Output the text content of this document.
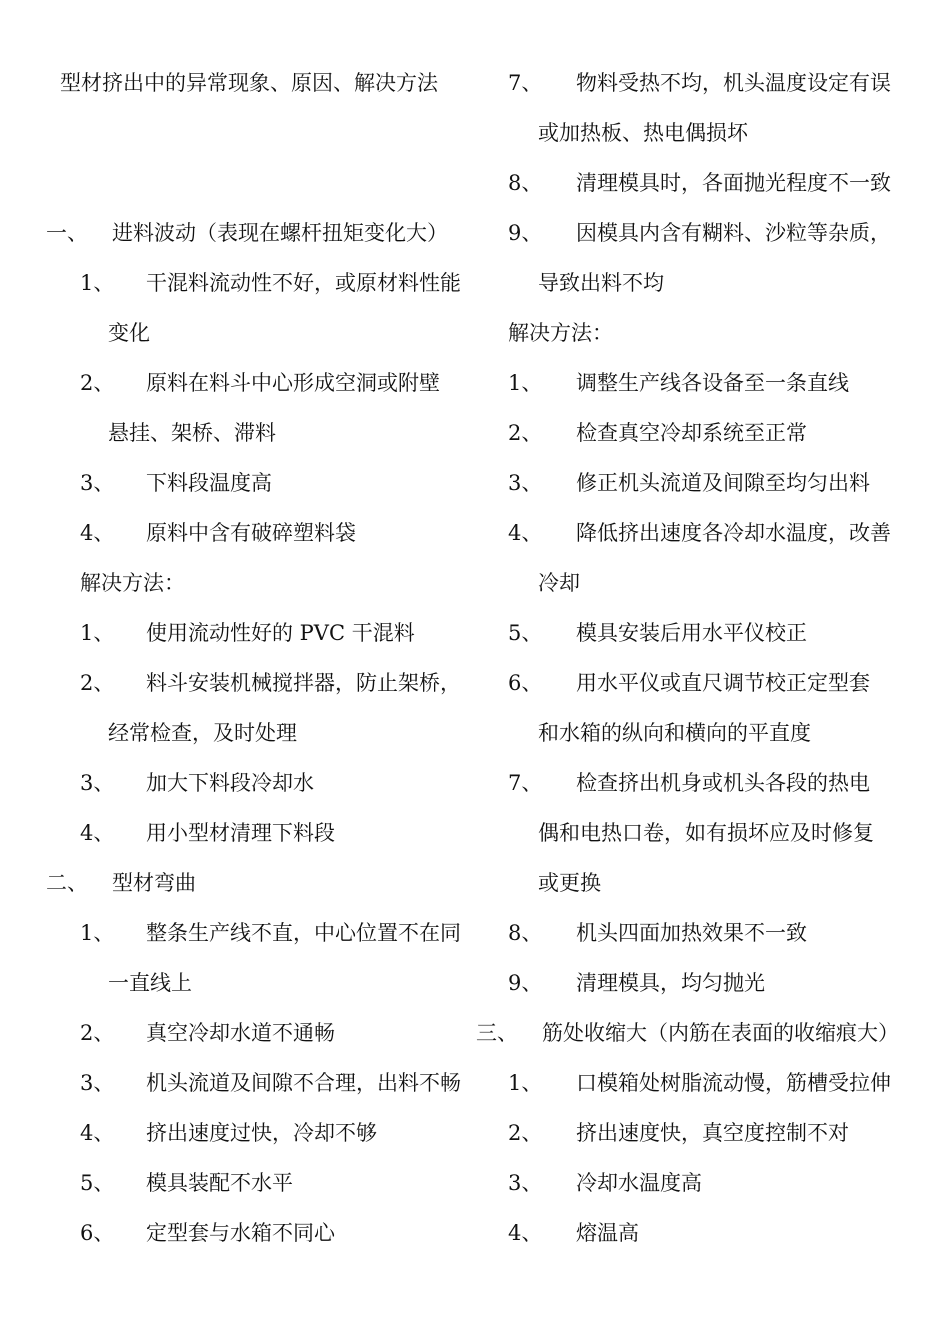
型材挤出中的异常现象、原因、解决方法
一、 进料波动（表现在螺杆扭矩变化大）
1、 干混料流动性不好，或原材料性能
变化
2、 原料在料斗中心形成空洞或附壁
悬挂、架桥、滞料
3、 下料段温度高
4、 原料中含有破碎塑料袋
解决方法：
1、 使用流动性好的 PVC 干混料
2、 料斗安装机械搅拌器，防止架桥，
经常检查，及时处理
3、 加大下料段冷却水
4、 用小型材清理下料段
二、 型材弯曲
1、 整条生产线不直，中心位置不在同
一直线上
2、 真空冷却水道不通畅
3、 机头流道及间隙不合理，出料不畅
4、 挤出速度过快，冷却不够
5、 模具装配不水平
6、 定型套与水箱不同心
7、 物料受热不均，机头温度设定有误
或加热板、热电偶损坏
8、 清理模具时，各面抛光程度不一致
9、 因模具内含有糊料、沙粒等杂质，
导致出料不均
解决方法：
1、 调整生产线各设备至一条直线
2、 检查真空冷却系统至正常
3、 修正机头流道及间隙至均匀出料
4、 降低挤出速度各冷却水温度，改善
冷却
5、 模具安装后用水平仪校正
6、 用水平仪或直尺调节校正定型套
和水箱的纵向和横向的平直度
7、 检查挤出机身或机头各段的热电
偶和电热口卷，如有损坏应及时修复
或更换
8、 机头四面加热效果不一致
9、 清理模具，均匀抛光
三、 筋处收缩大（内筋在表面的收缩痕大）
1、 口模箱处树脂流动慢，筋槽受拉伸
2、 挤出速度快，真空度控制不对
3、 冷却水温度高
4、 熔温高
